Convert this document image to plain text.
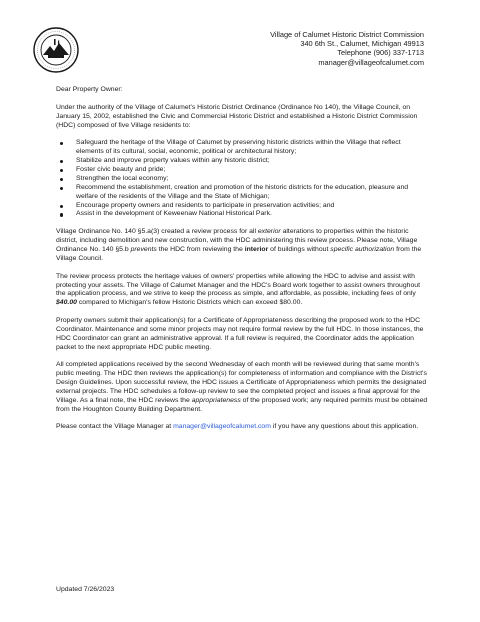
Village of Calumet Historic District Commission
340 6th St., Calumet, Michigan 49913
Telephone (906) 337-1713
manager@villageofcalumet.com

Dear Property Owner:

Under the authority of the Village of Calumet's Historic District Ordinance (Ordinance No 140), the Village Council, on January 15, 2002, established the Civic and Commercial Historic District and established a Historic District Commission (HDC) composed of five Village residents to:

Safeguard the heritage of the Village of Calumet by preserving historic districts within the Village that reflect elements of its cultural, social, economic, political or architectural history;
Stabilize and improve property values within any historic district;
Foster civic beauty and pride;
Strengthen the local economy;
Recommend the establishment, creation and promotion of the historic districts for the education, pleasure and welfare of the residents of the Village and the State of Michigan;
Encourage property owners and residents to participate in preservation activities; and
Assist in the development of Keweenaw National Historical Park.

Village Ordinance No. 140 §5.a(3) created a review process for all exterior alterations to properties within the historic district, including demolition and new construction, with the HDC administering this review process. Please note, Village Ordinance No. 140 §5.b prevents the HDC from reviewing the interior of buildings without specific authorization from the Village Council.

The review process protects the heritage values of owners' properties while allowing the HDC to advise and assist with protecting your assets. The Village of Calumet Manager and the HDC's Board work together to assist owners throughout the application process, and we strive to keep the process as simple, and affordable, as possible, including fees of only $40.00 compared to Michigan's fellow Historic Districts which can exceed $80.00.

Property owners submit their application(s) for a Certificate of Appropriateness describing the proposed work to the HDC Coordinator. Maintenance and some minor projects may not require formal review by the full HDC. In those instances, the HDC Coordinator can grant an administrative approval. If a full review is required, the Coordinator adds the application packet to the next appropriate HDC public meeting.

All completed applications received by the second Wednesday of each month will be reviewed during that same month's public meeting. The HDC then reviews the application(s) for completeness of information and compliance with the District's Design Guidelines. Upon successful review, the HDC issues a Certificate of Appropriateness which permits the designated external projects. The HDC schedules a follow-up review to see the completed project and issues a final approval for the Village. As a final note, the HDC reviews the appropriateness of the proposed work; any required permits must be obtained from the Houghton County Building Department.

Please contact the Village Manager at manager@villageofcalumet.com if you have any questions about this application.

Updated 7/26/2023
